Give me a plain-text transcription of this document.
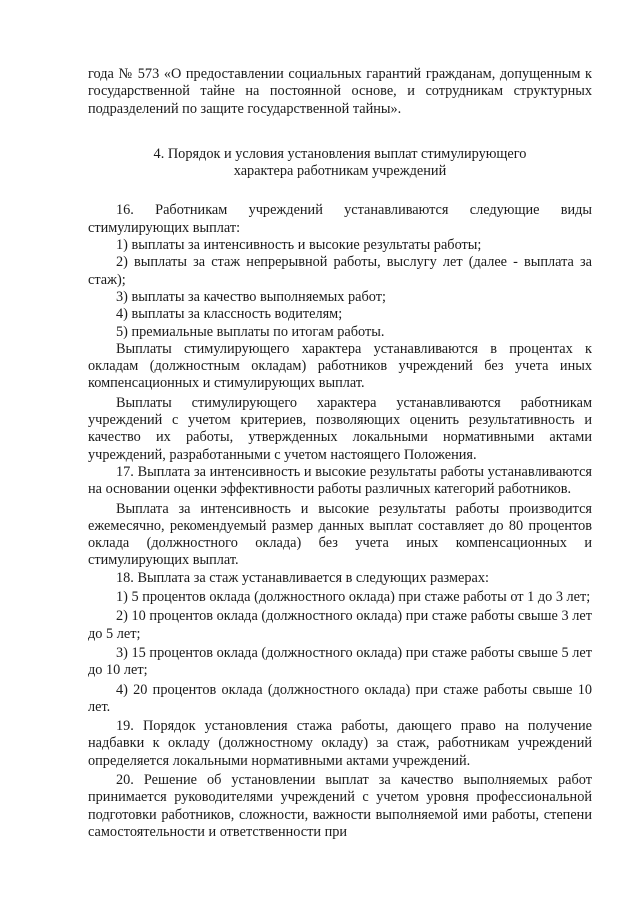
года № 573 «О предоставлении социальных гарантий гражданам, допущенным к государственной тайне на постоянной основе, и сотрудникам структурных подразделений по защите государственной тайны».

4. Порядок и условия установления выплат стимулирующего
характера работникам учреждений

16. Работникам учреждений устанавливаются следующие виды стимулирующих выплат:

1) выплаты за интенсивность и высокие результаты работы;

2) выплаты за стаж непрерывной работы, выслугу лет (далее - выплата за стаж);

3) выплаты за качество выполняемых работ;

4) выплаты за классность водителям;

5) премиальные выплаты по итогам работы.

Выплаты стимулирующего характера устанавливаются в процентах к окладам (должностным окладам) работников учреждений без учета иных компенсационных и стимулирующих выплат.

Выплаты стимулирующего характера устанавливаются работникам учреждений с учетом критериев, позволяющих оценить результативность и качество их работы, утвержденных локальными нормативными актами учреждений, разработанными с учетом настоящего Положения.

17. Выплата за интенсивность и высокие результаты работы устанавливаются на основании оценки эффективности работы различных категорий работников.

Выплата за интенсивность и высокие результаты работы производится ежемесячно, рекомендуемый размер данных выплат составляет до 80 процентов оклада (должностного оклада) без учета иных компенсационных и стимулирующих выплат.

18. Выплата за стаж устанавливается в следующих размерах:

1) 5 процентов оклада (должностного оклада) при стаже работы от 1 до 3 лет;

2) 10 процентов оклада (должностного оклада) при стаже работы свыше 3 лет до 5 лет;

3) 15 процентов оклада (должностного оклада) при стаже работы свыше 5 лет до 10 лет;

4) 20 процентов оклада (должностного оклада) при стаже работы свыше 10 лет.

19. Порядок установления стажа работы, дающего право на получение надбавки к окладу (должностному окладу) за стаж, работникам учреждений определяется локальными нормативными актами учреждений.

20. Решение об установлении выплат за качество выполняемых работ принимается руководителями учреждений с учетом уровня профессиональной подготовки работников, сложности, важности выполняемой ими работы, степени самостоятельности и ответственности при
